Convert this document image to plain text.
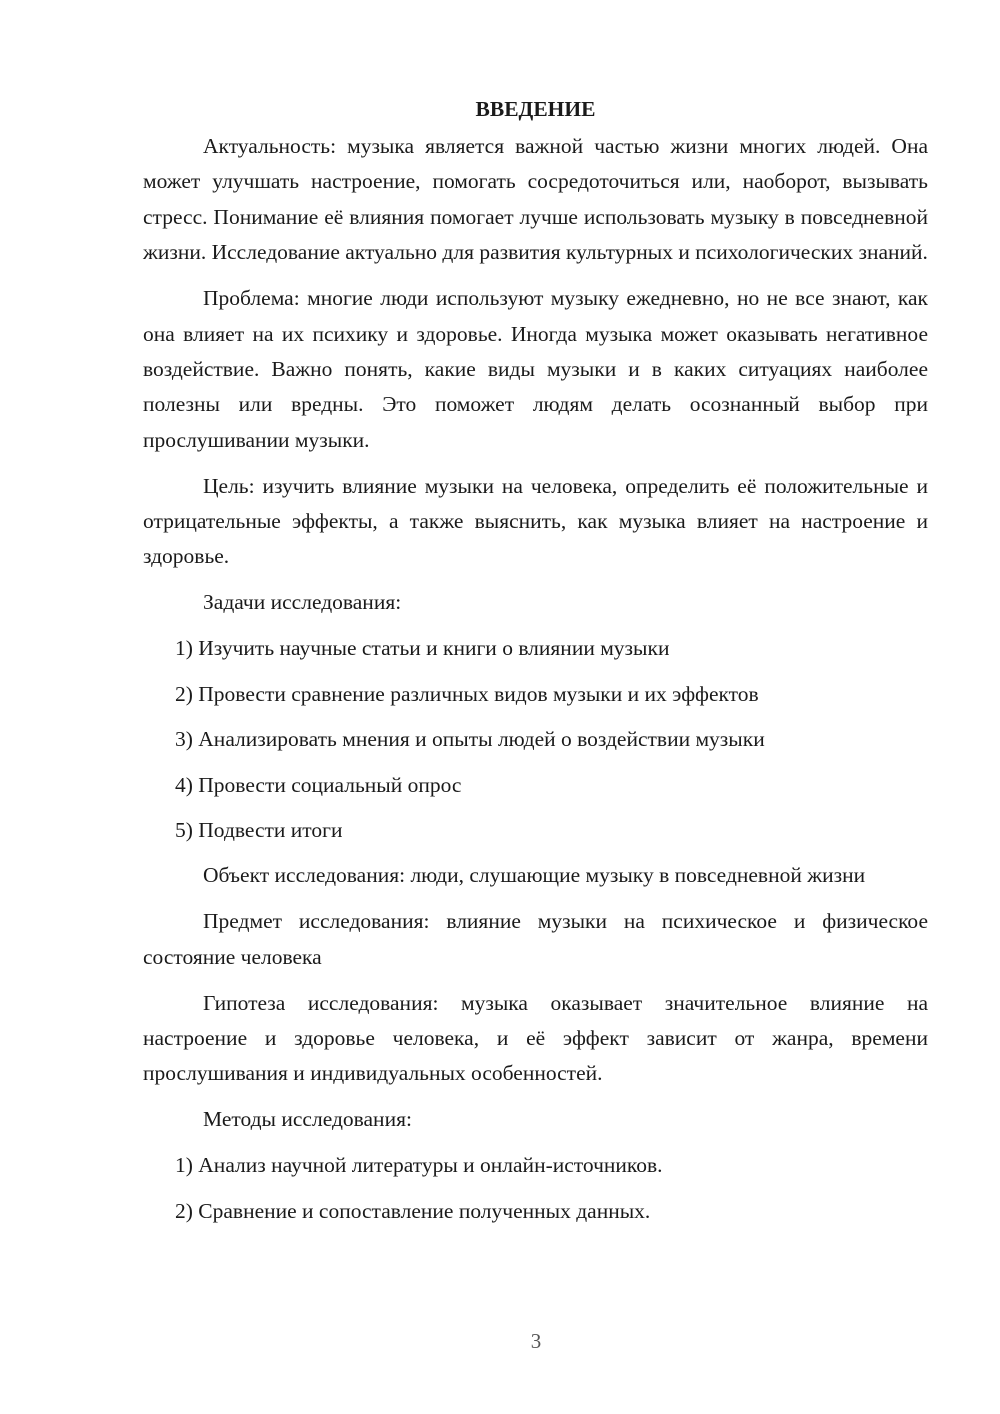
ВВЕДЕНИЕ

Актуальность: музыка является важной частью жизни многих людей. Она может улучшать настроение, помогать сосредоточиться или, наоборот, вызывать стресс. Понимание её влияния помогает лучше использовать музыку в повседневной жизни. Исследование актуально для развития культурных и психологических знаний.

Проблема: многие люди используют музыку ежедневно, но не все знают, как она влияет на их психику и здоровье. Иногда музыка может оказывать негативное воздействие. Важно понять, какие виды музыки и в каких ситуациях наиболее полезны или вредны. Это поможет людям делать осознанный выбор при прослушивании музыки.

Цель: изучить влияние музыки на человека, определить её положительные и отрицательные эффекты, а также выяснить, как музыка влияет на настроение и здоровье.

Задачи исследования:

1) Изучить научные статьи и книги о влиянии музыки
2) Провести сравнение различных видов музыки и их эффектов
3) Анализировать мнения и опыты людей о воздействии музыки
4) Провести социальный опрос
5) Подвести итоги

Объект исследования: люди, слушающие музыку в повседневной жизни

Предмет исследования: влияние музыки на психическое и физическое состояние человека

Гипотеза исследования: музыка оказывает значительное влияние на настроение и здоровье человека, и её эффект зависит от жанра, времени прослушивания и индивидуальных особенностей.

Методы исследования:

1) Анализ научной литературы и онлайн-источников.
2) Сравнение и сопоставление полученных данных.
3
